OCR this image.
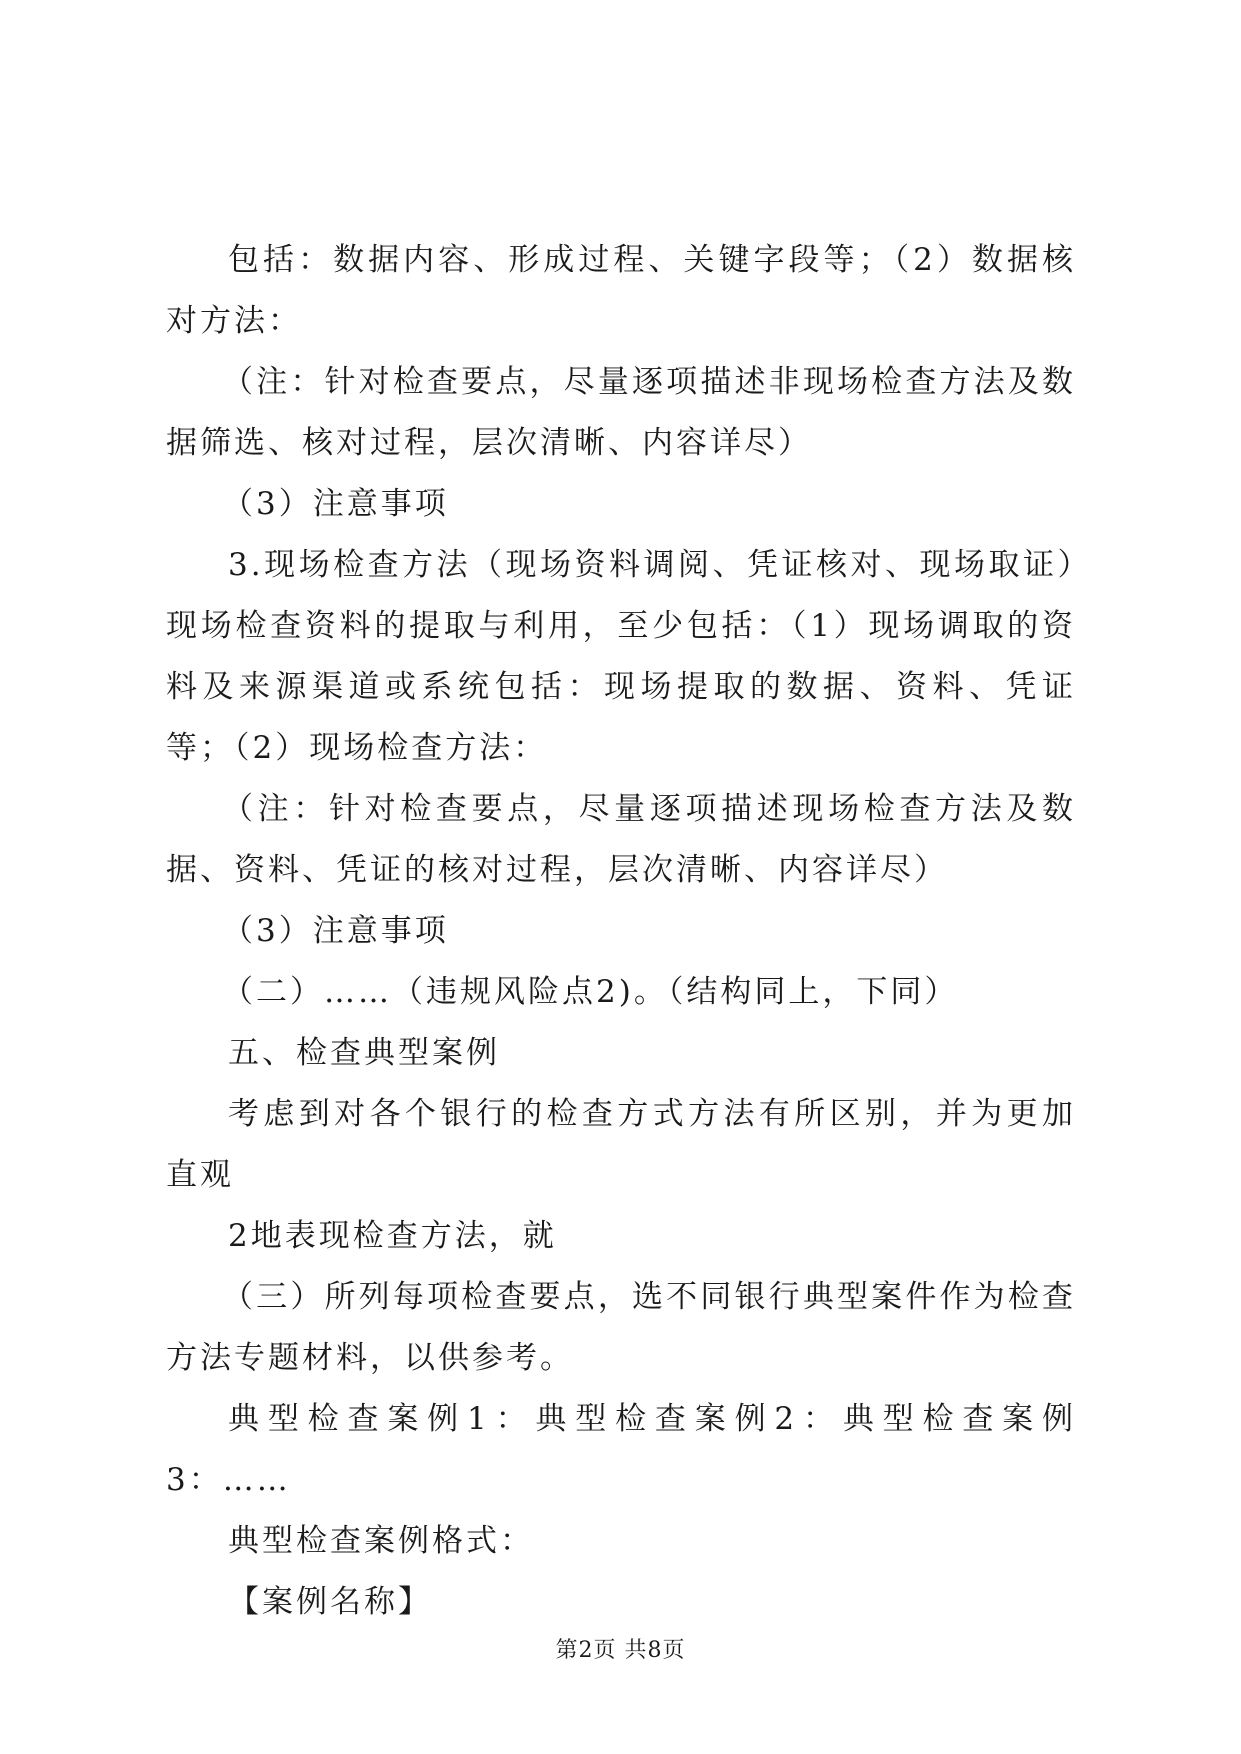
包括：数据内容、形成过程、关键字段等；（2）数据核对方法：

（注：针对检查要点，尽量逐项描述非现场检查方法及数据筛选、核对过程，层次清晰、内容详尽）

（3）注意事项

3.现场检查方法（现场资料调阅、凭证核对、现场取证）现场检查资料的提取与利用，至少包括：（1）现场调取的资料及来源渠道或系统包括：现场提取的数据、资料、凭证等；（2）现场检查方法：

（注：针对检查要点，尽量逐项描述现场检查方法及数据、资料、凭证的核对过程，层次清晰、内容详尽）

（3）注意事项

（二）……（违规风险点2)。（结构同上，下同）

五、检查典型案例

考虑到对各个银行的检查方式方法有所区别，并为更加直观

2地表现检查方法，就

（三）所列每项检查要点，选不同银行典型案件作为检查方法专题材料，以供参考。

典型检查案例1：典型检查案例2：典型检查案例3：……

典型检查案例格式：

【案例名称】

第2页 共8页
